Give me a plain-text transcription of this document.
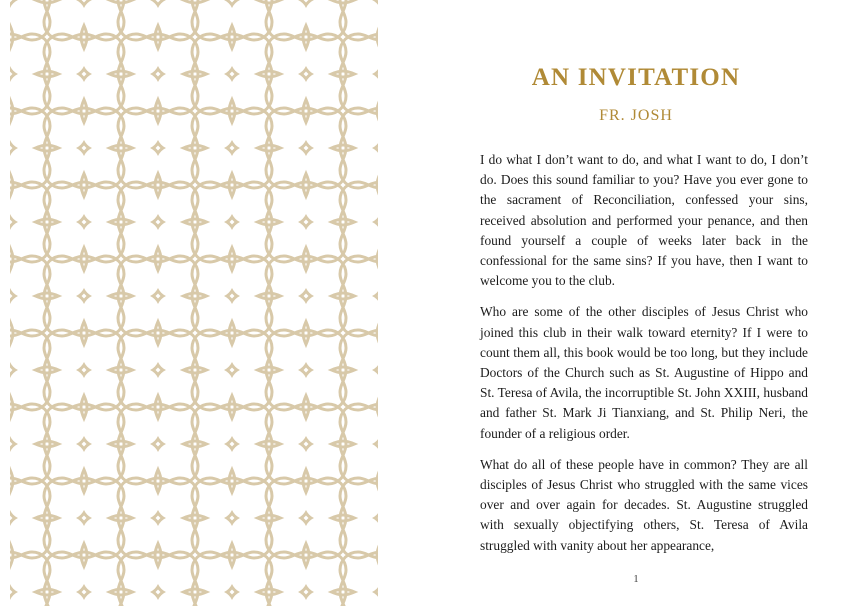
AN INVITATION
FR. JOSH

I do what I don’t want to do, and what I want to do, I don’t do. Does this sound familiar to you? Have you ever gone to the sacrament of Reconciliation, confessed your sins, received absolution and performed your penance, and then found yourself a couple of weeks later back in the confessional for the same sins? If you have, then I want to welcome you to the club.

Who are some of the other disciples of Jesus Christ who joined this club in their walk toward eternity? If I were to count them all, this book would be too long, but they include Doctors of the Church such as St. Augustine of Hippo and St. Teresa of Avila, the incorruptible St. John XXIII, husband and father St. Mark Ji Tianxiang, and St. Philip Neri, the founder of a religious order.

What do all of these people have in common? They are all disciples of Jesus Christ who struggled with the same vices over and over again for decades. St. Augustine struggled with sexually objectifying others, St. Teresa of Avila struggled with vanity about her appearance,

1
